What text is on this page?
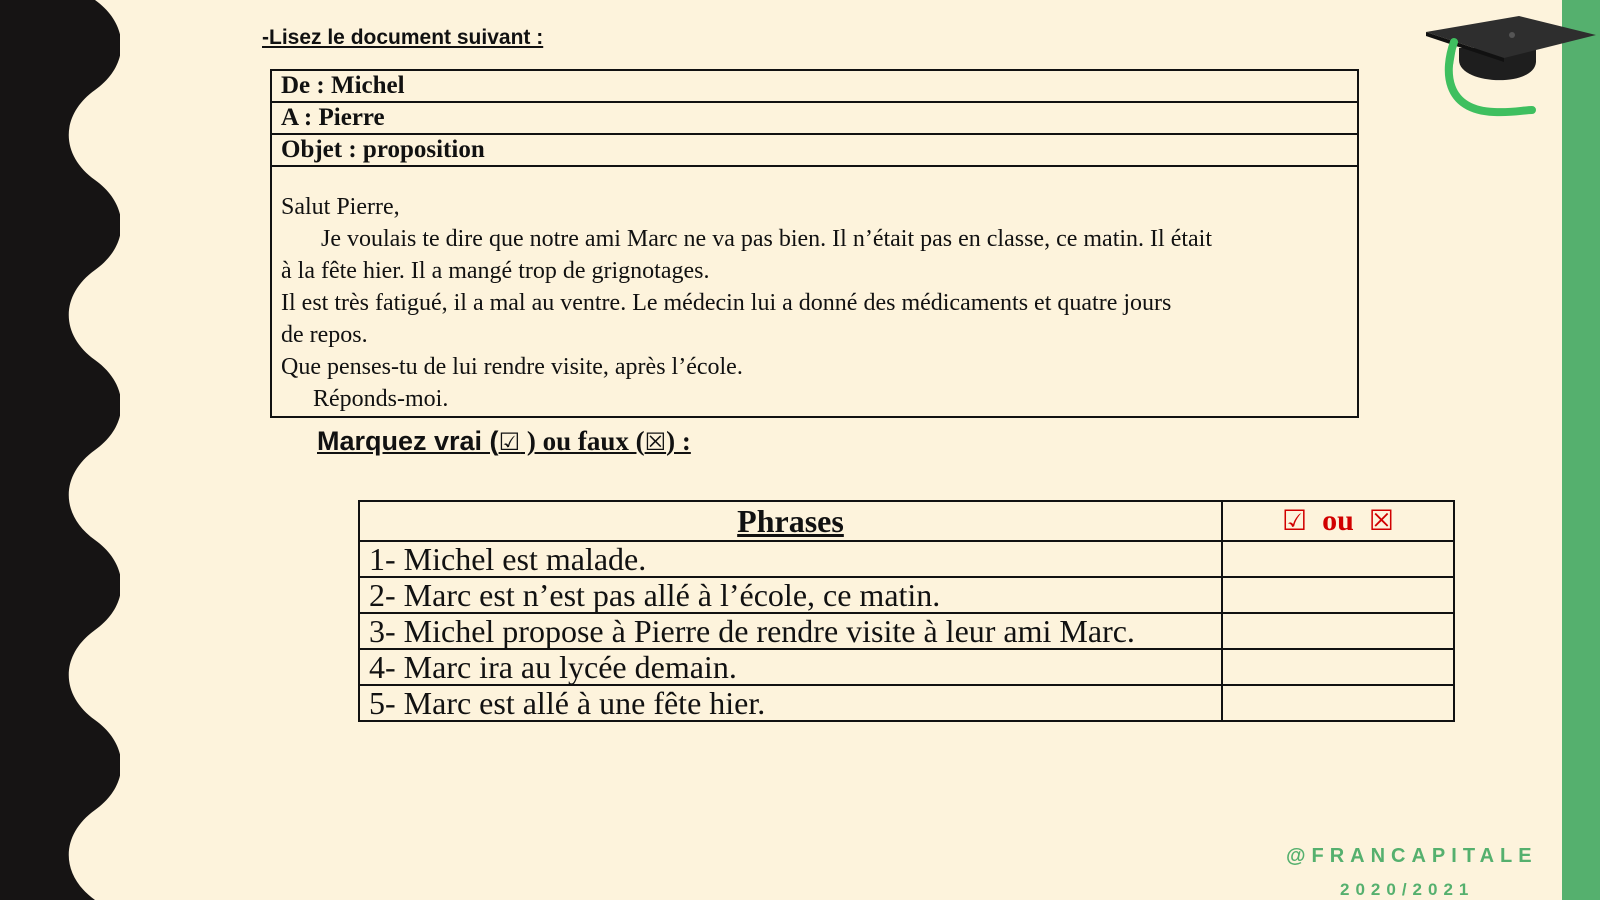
-Lisez le document suivant :
De : Michel
A : Pierre
Objet : proposition

Salut Pierre,

Je voulais te dire que notre ami Marc ne va pas bien. Il n’était pas en classe, ce matin. Il était

à la fête hier. Il a mangé trop de grignotages.

Il est très fatigué, il a mal au ventre. Le médecin lui a donné des médicaments et quatre jours

de repos.

Que penses-tu de lui rendre visite, après l’école.

Réponds-moi.

Marquez vrai (☑ ) ou faux (☒) :
Phrases	☑ ou ☒
1- Michel est malade.	
2- Marc est n’est pas allé à l’école, ce matin.	
3- Michel propose à Pierre de rendre visite à leur ami Marc.	
4- Marc ira au lycée demain.	
5- Marc est allé à une fête hier.	
@FRANCAPITALE
2020/2021
